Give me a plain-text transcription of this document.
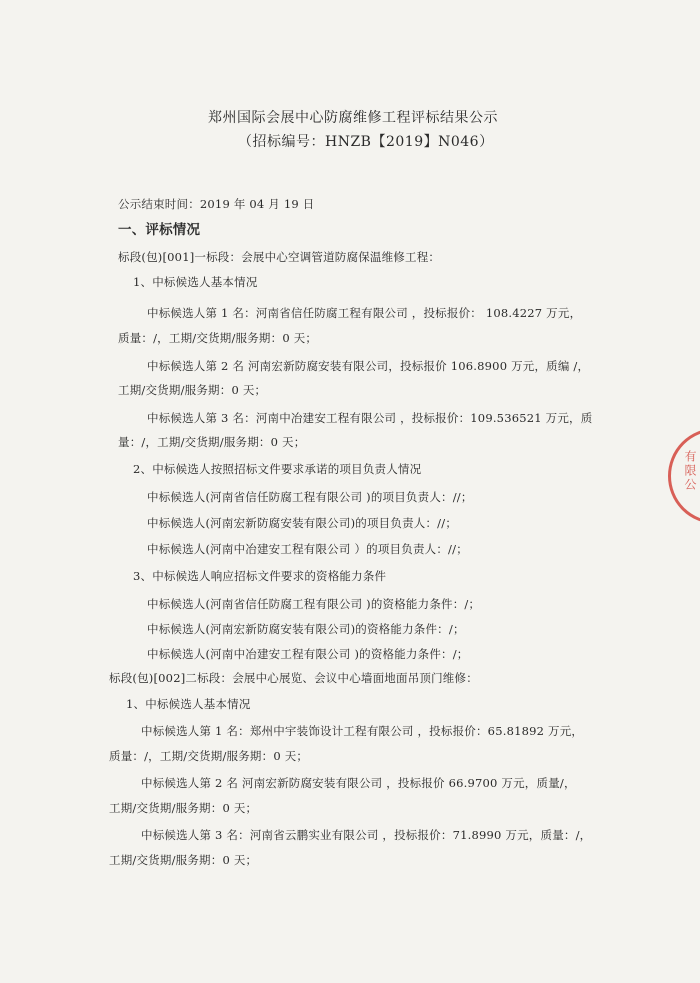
郑州国际会展中心防腐维修工程评标结果公示
（招标编号：HNZB【2019】N046）
公示结束时间：2019 年 04 月 19 日
一、评标情况
标段(包)[001]一标段：会展中心空调管道防腐保温维修工程：
1、中标候选人基本情况
中标候选人第 1 名：河南省信任防腐工程有限公司 ，投标报价： 108.4227 万元，
质量：/，工期/交货期/服务期：0 天；
中标候选人第 2 名 河南宏新防腐安装有限公司，投标报价 106.8900 万元，质编 /，
工期/交货期/服务期：0 天；
中标候选人第 3 名：河南中冶建安工程有限公司 ，投标报价：109.536521 万元，质
量：/，工期/交货期/服务期：0 天；
2、中标候选人按照招标文件要求承诺的项目负责人情况
中标候选人(河南省信任防腐工程有限公司 )的项目负责人：//；
中标候选人(河南宏新防腐安装有限公司)的项目负责人：//；
中标候选人(河南中冶建安工程有限公司 ）的项目负责人：//；
3、中标候选人响应招标文件要求的资格能力条件
中标候选人(河南省信任防腐工程有限公司 )的资格能力条件：/；
中标候选人(河南宏新防腐安装有限公司)的资格能力条件：/；
中标候选人(河南中冶建安工程有限公司 )的资格能力条件：/；
标段(包)[002]二标段：会展中心展览、会议中心墙面地面吊顶门维修：
1、中标候选人基本情况
中标候选人第 1 名：郑州中宇装饰设计工程有限公司 ，投标报价：65.81892 万元，
质量：/，工期/交货期/服务期：0 天；
中标候选人第 2 名 河南宏新防腐安装有限公司 ，投标报价 66.9700 万元，质量/，
工期/交货期/服务期：0 天；
中标候选人第 3 名：河南省云鹏实业有限公司 ，投标报价：71.8990 万元，质量：/，
工期/交货期/服务期：0 天；
有限公
